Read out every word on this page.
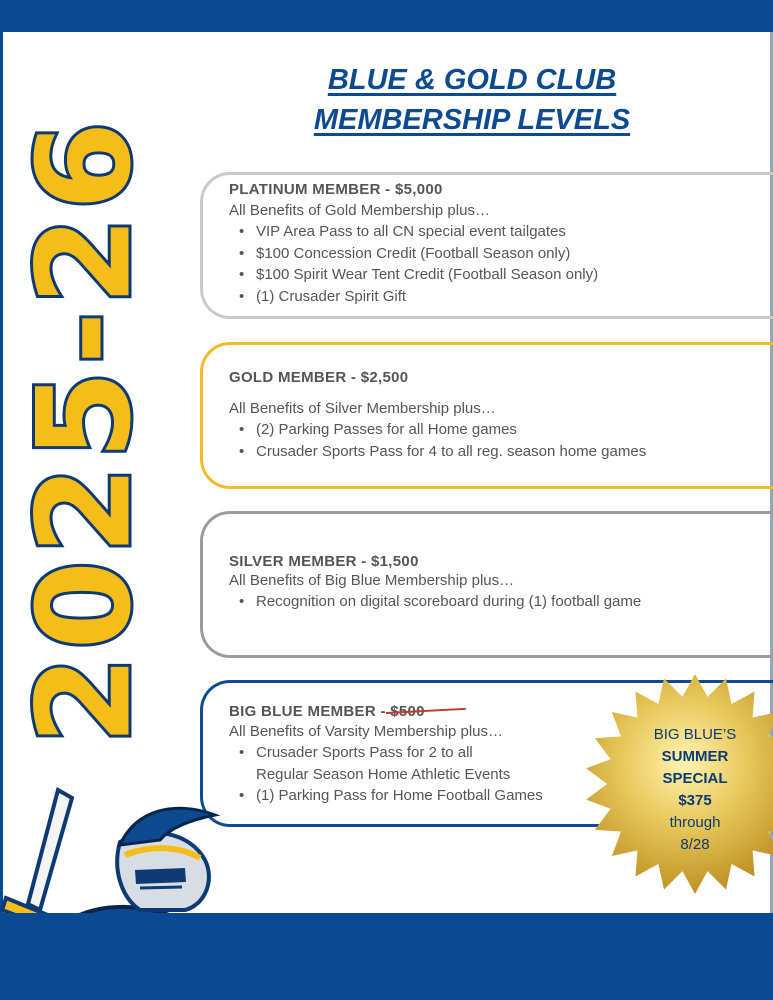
2025-26
BLUE & GOLD CLUB
MEMBERSHIP LEVELS
PLATINUM MEMBER - $5,000
All Benefits of Gold Membership plus…
• VIP Area Pass to all CN special event tailgates
• $100 Concession Credit (Football Season only)
• $100 Spirit Wear Tent Credit (Football Season only)
• (1) Crusader Spirit Gift
GOLD MEMBER - $2,500
All Benefits of Silver Membership plus…
• (2) Parking Passes for all Home games
• Crusader Sports Pass for 4 to all reg. season home games
SILVER MEMBER - $1,500
All Benefits of Big Blue Membership plus…
• Recognition on digital scoreboard during (1) football game
BIG BLUE MEMBER -
All Benefits of Varsity Membership plus…
• Crusader Sports Pass for 2 to all
Regular Season Home Athletic Events
• (1) Parking Pass for Home Football Games
BIG BLUE’S
SUMMER
SPECIAL
$375
through
8/28
